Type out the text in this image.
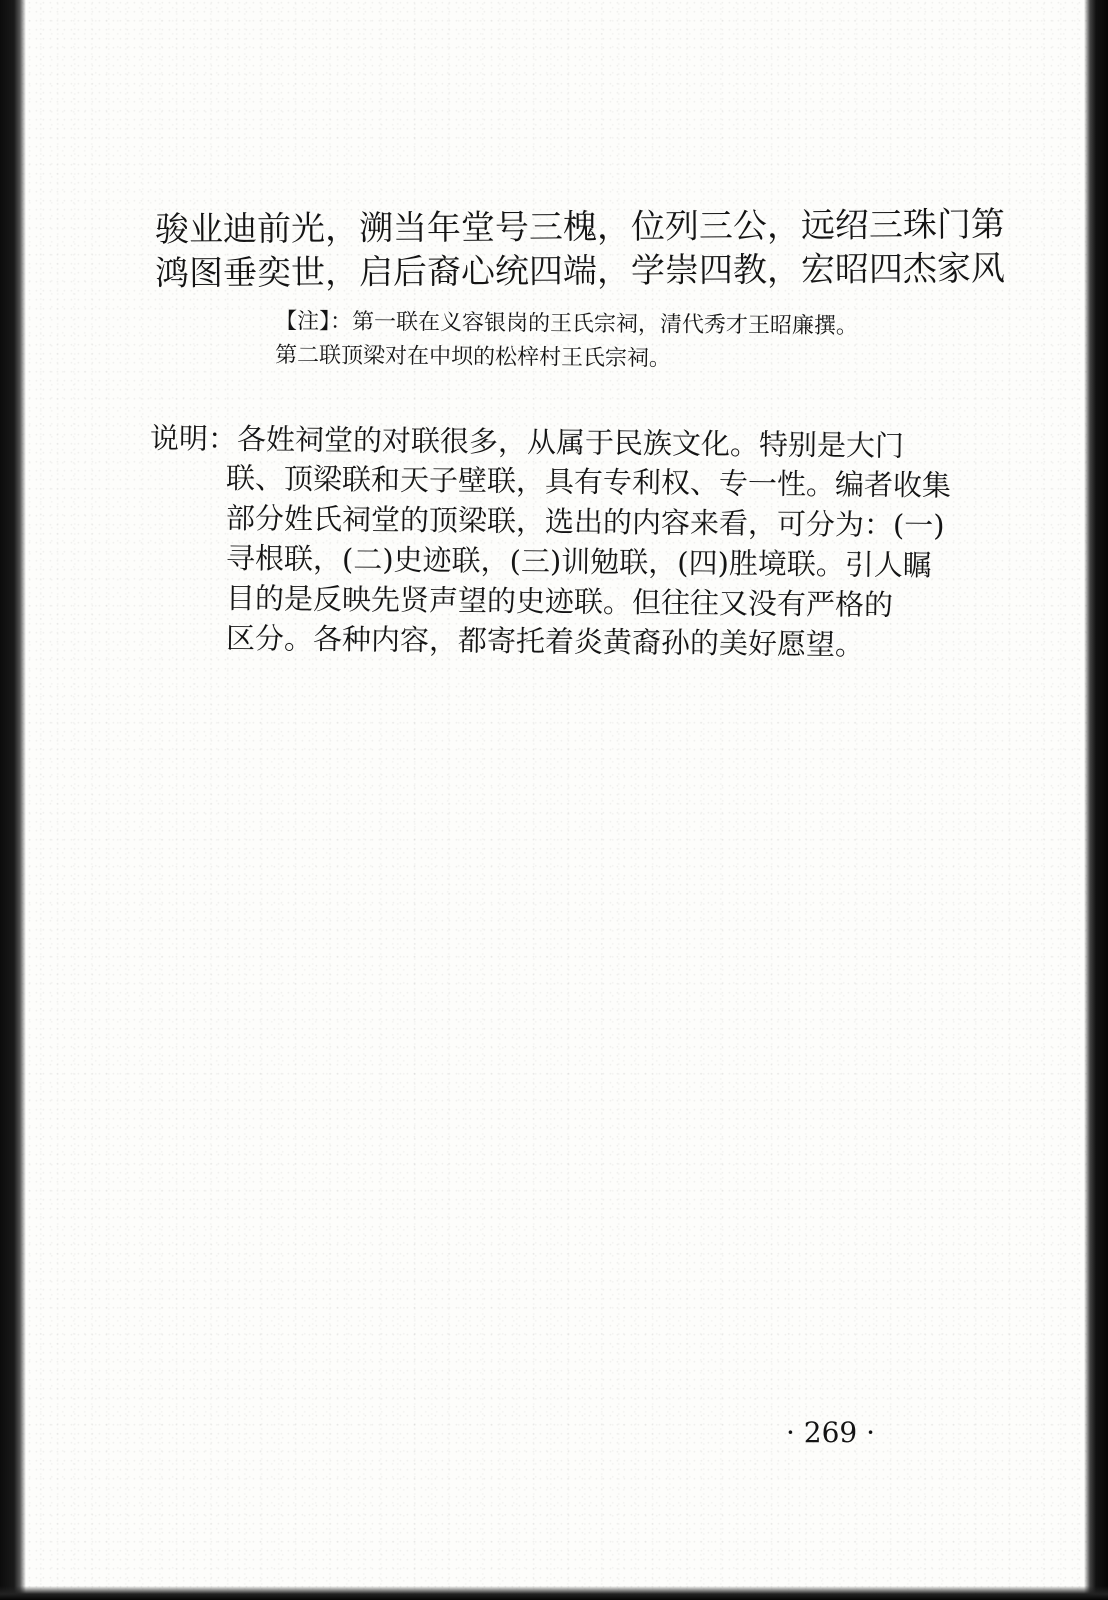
骏业迪前光，溯当年堂号三槐，位列三公，远绍三珠门第
鸿图垂奕世，启后裔心统四端，学崇四教，宏昭四杰家风
【注】：第一联在义容银岗的王氏宗祠，清代秀才王昭廉撰。
第二联顶梁对在中坝的松梓村王氏宗祠。
说明：各姓祠堂的对联很多，从属于民族文化。特别是大门
联、顶梁联和天子壁联，具有专利权、专一性。编者收集
部分姓氏祠堂的顶梁联，选出的内容来看，可分为：(一)
寻根联，(二)史迹联，(三)训勉联，(四)胜境联。引人瞩
目的是反映先贤声望的史迹联。但往往又没有严格的
区分。各种内容，都寄托着炎黄裔孙的美好愿望。
· 269 ·
